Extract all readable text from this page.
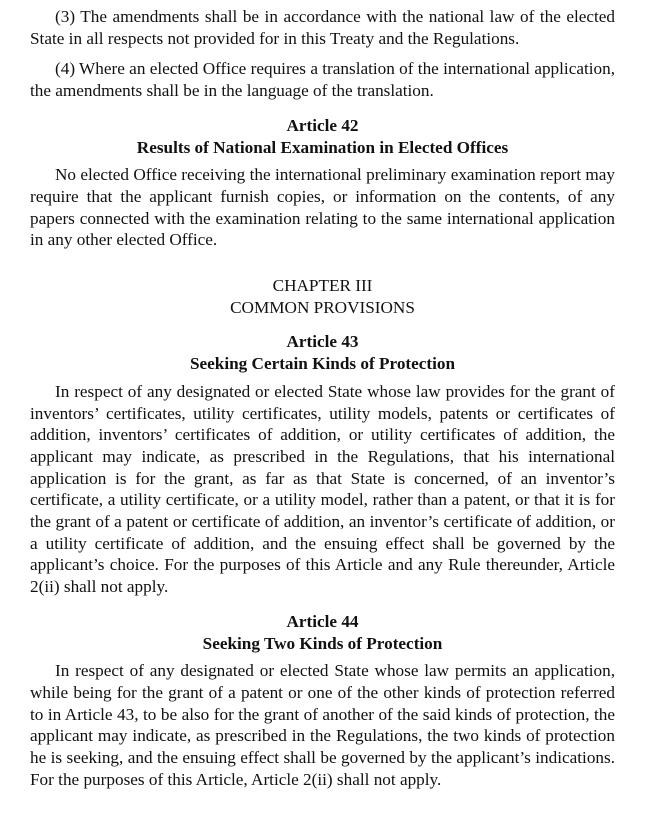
(3) The amendments shall be in accordance with the national law of the elected State in all respects not provided for in this Treaty and the Regulations.

(4) Where an elected Office requires a translation of the international application, the amendments shall be in the language of the translation.

Article 42
Results of National Examination in Elected Offices

No elected Office receiving the international preliminary examination report may require that the applicant furnish copies, or information on the contents, of any papers connected with the examination relating to the same international application in any other elected Office.

CHAPTER III
COMMON PROVISIONS
Article 43
Seeking Certain Kinds of Protection

In respect of any designated or elected State whose law provides for the grant of inventors’ certificates, utility certificates, utility models, patents or certificates of addition, inventors’ certificates of addition, or utility certificates of addition, the applicant may indicate, as prescribed in the Regulations, that his international application is for the grant, as far as that State is concerned, of an inventor’s certificate, a utility certificate, or a utility model, rather than a patent, or that it is for the grant of a patent or certificate of addition, an inventor’s certificate of addition, or a utility certificate of addition, and the ensuing effect shall be governed by the applicant’s choice. For the purposes of this Article and any Rule thereunder, Article 2(ii) shall not apply.

Article 44
Seeking Two Kinds of Protection

In respect of any designated or elected State whose law permits an application, while being for the grant of a patent or one of the other kinds of protection referred to in Article 43, to be also for the grant of another of the said kinds of protection, the applicant may indicate, as prescribed in the Regulations, the two kinds of protection he is seeking, and the ensuing effect shall be governed by the applicant’s indications. For the purposes of this Article, Article 2(ii) shall not apply.
